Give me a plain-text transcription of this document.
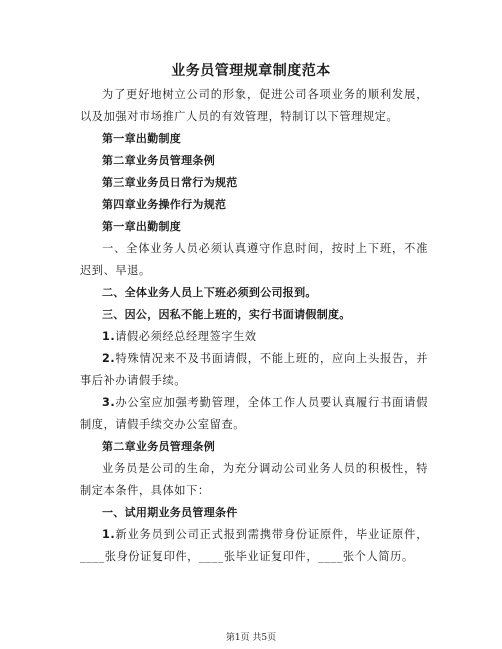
业务员管理规章制度范本

为了更好地树立公司的形象，促进公司各项业务的顺利发展，以及加强对市场推广人员的有效管理，特制订以下管理规定。

第一章出勤制度

第二章业务员管理条例

第三章业务员日常行为规范

第四章业务操作行为规范

第一章出勤制度

一、全体业务人员必须认真遵守作息时间，按时上下班，不准迟到、早退。

二、全体业务人员上下班必须到公司报到。

三、因公，因私不能上班的，实行书面请假制度。

1.请假必须经总经理签字生效

2.特殊情况来不及书面请假，不能上班的，应向上头报告，并事后补办请假手续。

3.办公室应加强考勤管理，全体工作人员要认真履行书面请假制度，请假手续交办公室留查。

第二章业务员管理条例

业务员是公司的生命，为充分调动公司业务人员的积极性，特制定本条件，具体如下：

一、试用期业务员管理条件

1.新业务员到公司正式报到需携带身份证原件，毕业证原件，____张身份证复印件，____张毕业证复印件，____张个人简历。

第1页 共5页
